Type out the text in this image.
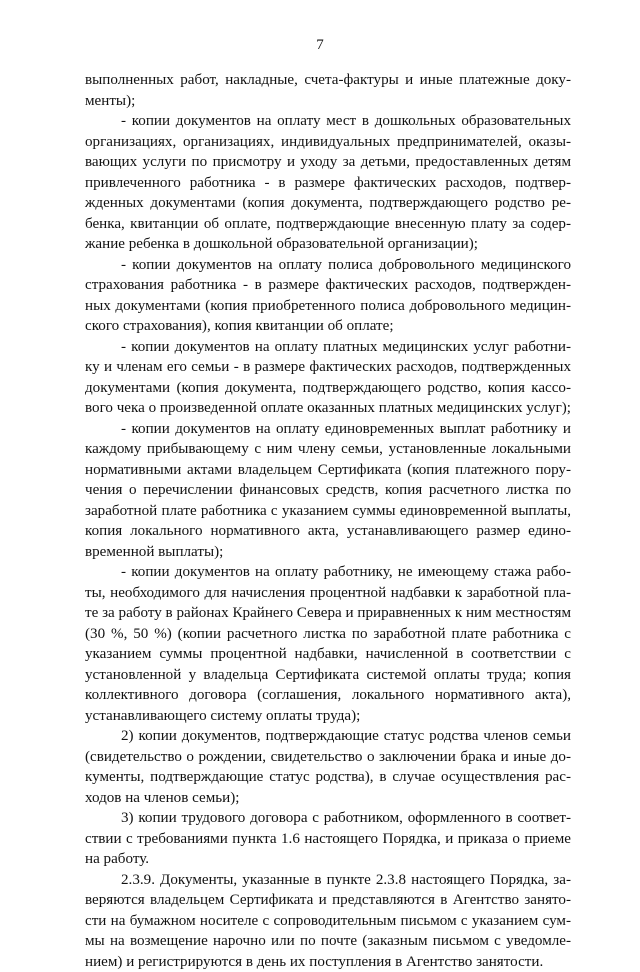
7
выполненных работ, накладные, счета-фактуры и иные платежные доку-
менты);
- копии документов на оплату мест в дошкольных образовательных
организациях, организациях, индивидуальных предпринимателей, оказы-
вающих услуги по присмотру и уходу за детьми, предоставленных детям
привлеченного работника - в размере фактических расходов, подтвер-
жденных документами (копия документа, подтверждающего родство ре-
бенка, квитанции об оплате, подтверждающие внесенную плату за содер-
жание ребенка в дошкольной образовательной организации);
- копии документов на оплату полиса добровольного медицинского
страхования работника - в размере фактических расходов, подтвержден-
ных документами (копия приобретенного полиса добровольного медицин-
ского страхования), копия квитанции об оплате;
- копии документов на оплату платных медицинских услуг работни-
ку и членам его семьи - в размере фактических расходов, подтвержденных
документами (копия документа, подтверждающего родство, копия кассо-
вого чека о произведенной оплате оказанных платных медицинских услуг);
- копии документов на оплату единовременных выплат работнику и
каждому прибывающему с ним члену семьи, установленные локальными
нормативными актами владельцем Сертификата (копия платежного пору-
чения о перечислении финансовых средств, копия расчетного листка по
заработной плате работника с указанием суммы единовременной выплаты,
копия локального нормативного акта, устанавливающего размер едино-
временной выплаты);
- копии документов на оплату работнику, не имеющему стажа рабо-
ты, необходимого для начисления процентной надбавки к заработной пла-
те за работу в районах Крайнего Севера и приравненных к ним местностям
(30 %, 50 %) (копии расчетного листка по заработной плате работника с
указанием суммы процентной надбавки, начисленной в соответствии с
установленной у владельца Сертификата системой оплаты труда; копия
коллективного договора (соглашения, локального нормативного акта),
устанавливающего систему оплаты труда);
2) копии документов, подтверждающие статус родства членов семьи
(свидетельство о рождении, свидетельство о заключении брака и иные до-
кументы, подтверждающие статус родства), в случае осуществления рас-
ходов на членов семьи);
3) копии трудового договора с работником, оформленного в соответ-
ствии с требованиями пункта 1.6 настоящего Порядка, и приказа о приеме
на работу.
2.3.9. Документы, указанные в пункте 2.3.8 настоящего Порядка, за-
веряются владельцем Сертификата и представляются в Агентство занято-
сти на бумажном носителе с сопроводительным письмом с указанием сум-
мы на возмещение нарочно или по почте (заказным письмом с уведомле-
нием) и регистрируются в день их поступления в Агентство занятости.
